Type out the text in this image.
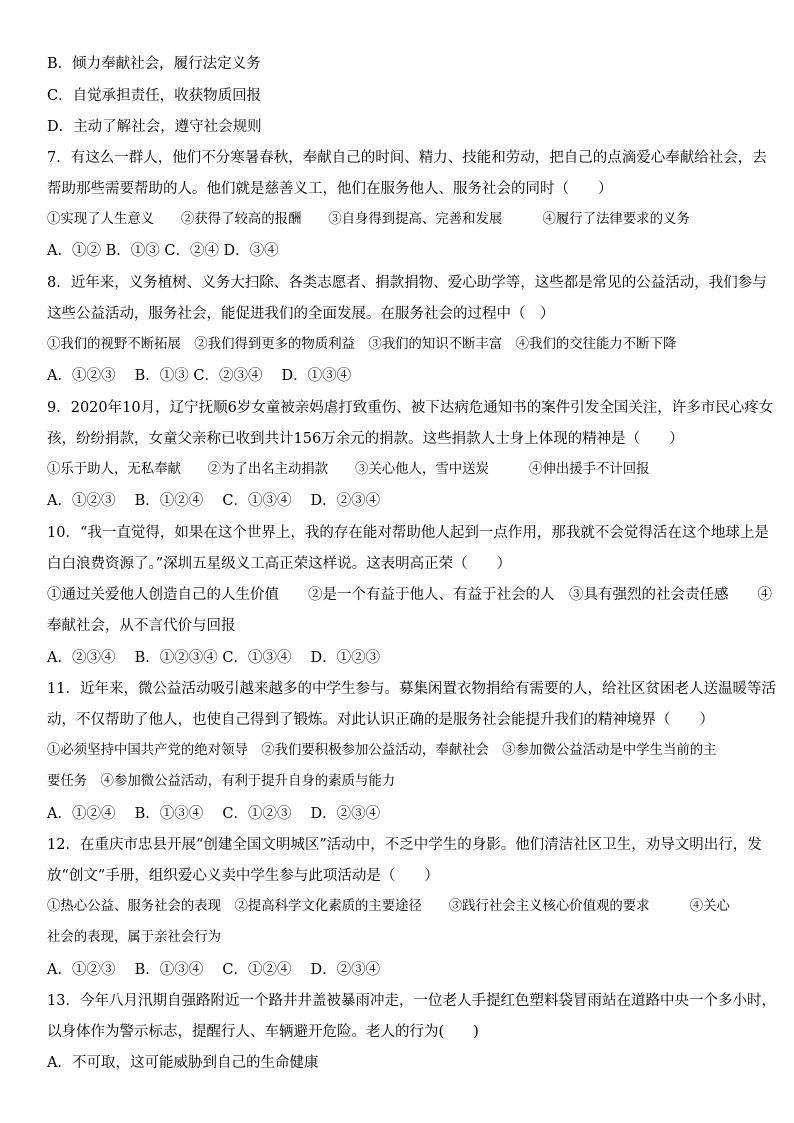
B．倾力奉献社会，履行法定义务
C．自觉承担责任，收获物质回报
D．主动了解社会，遵守社会规则
7．有这么一群人，他们不分寒暑春秋，奉献自己的时间、精力、技能和劳动，把自己的点滴爱心奉献给社会，去
帮助那些需要帮助的人。他们就是慈善义工，他们在服务他人、服务社会的同时（　　）
①实现了人生意义　　②获得了较高的报酬　　③自身得到提高、完善和发展　　　④履行了法律要求的义务
A．①② B．①③ C．②④ D．③④
8．近年来，义务植树、义务大扫除、各类志愿者、捐款捐物、爱心助学等，这些都是常见的公益活动，我们参与
这些公益活动，服务社会，能促进我们的全面发展。在服务社会的过程中（　）
①我们的视野不断拓展　②我们得到更多的物质利益　③我们的知识不断丰富　④我们的交往能力不断下降
A．①②③　 B．①③ C．②③④　 D．①③④
9．2020年10月，辽宁抚顺6岁女童被亲妈虐打致重伤、被下达病危通知书的案件引发全国关注，许多市民心疼女
孩，纷纷捐款，女童父亲称已收到共计156万余元的捐款。这些捐款人士身上体现的精神是（　　）
①乐于助人，无私奉献　　②为了出名主动捐款　　③关心他人，雪中送炭　　　④伸出援手不计回报
A．①②③　 B．①②④　 C．①③④　 D．②③④
10．“我一直觉得，如果在这个世界上，我的存在能对帮助他人起到一点作用，那我就不会觉得活在这个地球上是
白白浪费资源了。”深圳五星级义工高正荣这样说。这表明高正荣（　　）
①通过关爱他人创造自己的人生价值　　②是一个有益于他人、有益于社会的人　③具有强烈的社会责任感　　④
奉献社会，从不言代价与回报
A．②③④　 B．①②③④ C．①③④　 D．①②③
11．近年来，微公益活动吸引越来越多的中学生参与。募集闲置衣物捐给有需要的人，给社区贫困老人送温暖等活
动，不仅帮助了他人，也使自己得到了锻炼。对此认识正确的是服务社会能提升我们的精神境界（　　）
①必须坚持中国共产党的绝对领导　②我们要积极参加公益活动，奉献社会　③参加微公益活动是中学生当前的主
要任务　④参加微公益活动，有利于提升自身的素质与能力
A．①②④　 B．①③④　 C．①②③　 D．②③④
12．在重庆市忠县开展“创建全国文明城区”活动中，不乏中学生的身影。他们清洁社区卫生，劝导文明出行，发
放“创文”手册，组织爱心义卖中学生参与此项活动是（　　）
①热心公益、服务社会的表现　②提高科学文化素质的主要途径　　③践行社会主义核心价值观的要求　　　④关心
社会的表现，属于亲社会行为
A．①②③　 B．①③④　 C．①②④　 D．②③④
13．今年八月汛期自强路附近一个路井井盖被暴雨冲走，一位老人手提红色塑料袋冒雨站在道路中央一个多小时，
以身体作为警示标志，提醒行人、车辆避开危险。老人的行为(　　)
A．不可取，这可能威胁到自己的生命健康
